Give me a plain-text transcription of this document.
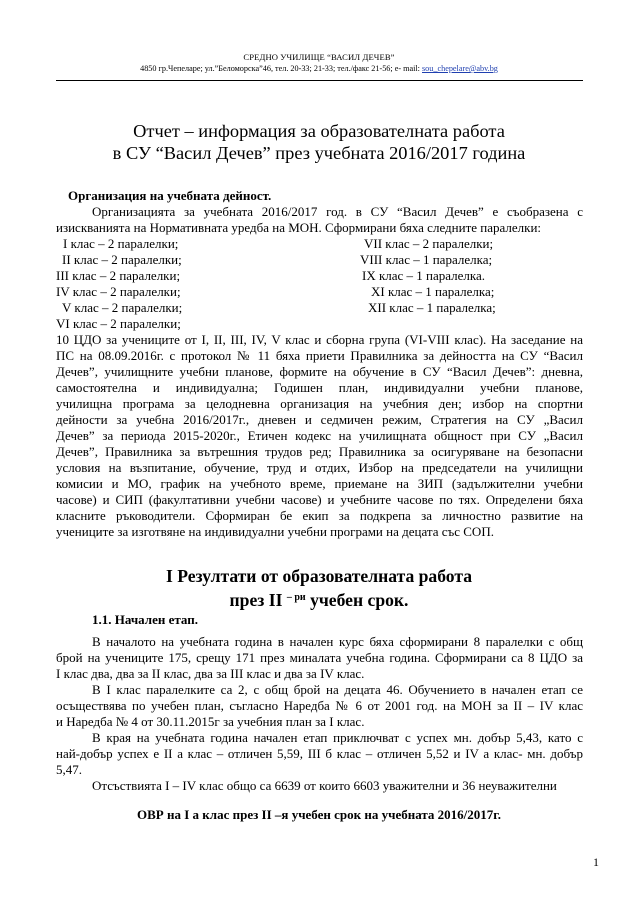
СРЕДНО УЧИЛИЩЕ “ВАСИЛ ДЕЧЕВ”
4850 гр.Чепеларе; ул.”Беломорска”46, тел. 20-33; 21-33; тел./факс 21-56; e- mail: sou_chepelare@abv.bg
Отчет – информация за образователната работа
в СУ “Васил Дечев” през учебната 2016/2017 година
Организация на учебната дейност.
Организацията за учебната 2016/2017 год. в СУ “Васил Дечев” е съобразена с
изискванията на Нормативната уредба на МОН. Сформирани бяха следните паралелки:
I клас – 2 паралелки;
II клас – 2 паралелки;
III клас – 2 паралелки;
IV клас – 2 паралелки;
V клас – 2 паралелки;
VI клас – 2 паралелки;
VII клас – 2 паралелки;
VIII клас – 1 паралелка;
IX клас – 1 паралелка.
XI клас – 1 паралелка;
XII клас – 1 паралелка;
10 ЦДО за учениците от I, II, III, IV, V клас и сборна група (VI-VIII клас). На заседание на
ПС на 08.09.2016г. с протокол № 11 бяха приети Правилника за дейността на СУ “Васил
Дечев”, училищните учебни планове, формите на обучение в СУ “Васил Дечев”: дневна,
самостоятелна и индивидуална; Годишен план, индивидуални учебни планове,
училищна програма за целодневна организация на учебния ден; избор на спортни
дейности за учебна 2016/2017г., дневен и седмичен режим, Стратегия на СУ „Васил
Дечев” за периода 2015-2020г., Етичен кодекс на училищната общност при СУ „Васил
Дечев”, Правилника за вътрешния трудов ред; Правилника за осигуряване на безопасни
условия на възпитание, обучение, труд и отдих, Избор на председатели на училищни
комисии и МО, график на учебното време, приемане на ЗИП (задължителни учебни
часове) и СИП (факултативни учебни часове) и учебните часове по тях. Определени бяха
класните ръководители. Сформиран бе екип за подкрепа за личностно развитие на
учениците за изготвяне на индивидуални учебни програми на децата със СОП.
I Резултати от образователната работа
през II $^{- ри}$ учебен срок.
1.1. Начален етап.
В началото на учебната година в начален курс бяха сформирани 8 паралелки с общ
брой на учениците 175, срещу 171 през миналата учебна година. Сформирани са 8 ЦДО за
I клас два, два за II клас, два за III клас и два за IV клас.
В I клас паралелките са 2, с общ брой на децата 46. Обучението в начален етап се
осъществява по учебен план, съгласно Наредба № 6 от 2001 год. на МОН за II – IV клас
и Наредба № 4 от 30.11.2015г за учебния план за I клас.
В края на учебната година начален етап приключват с успех мн. добър 5,43, като с
най-добър успех е II а клас – отличен 5,59, III б клас – отличен 5,52 и IV а клас- мн. добър
5,47.
Отсъствията I – IV клас общо са 6639 от които 6603 уважителни и 36 неуважителни
ОВР на I а клас през II –я учебен срок на учебната 2016/2017г.
1
